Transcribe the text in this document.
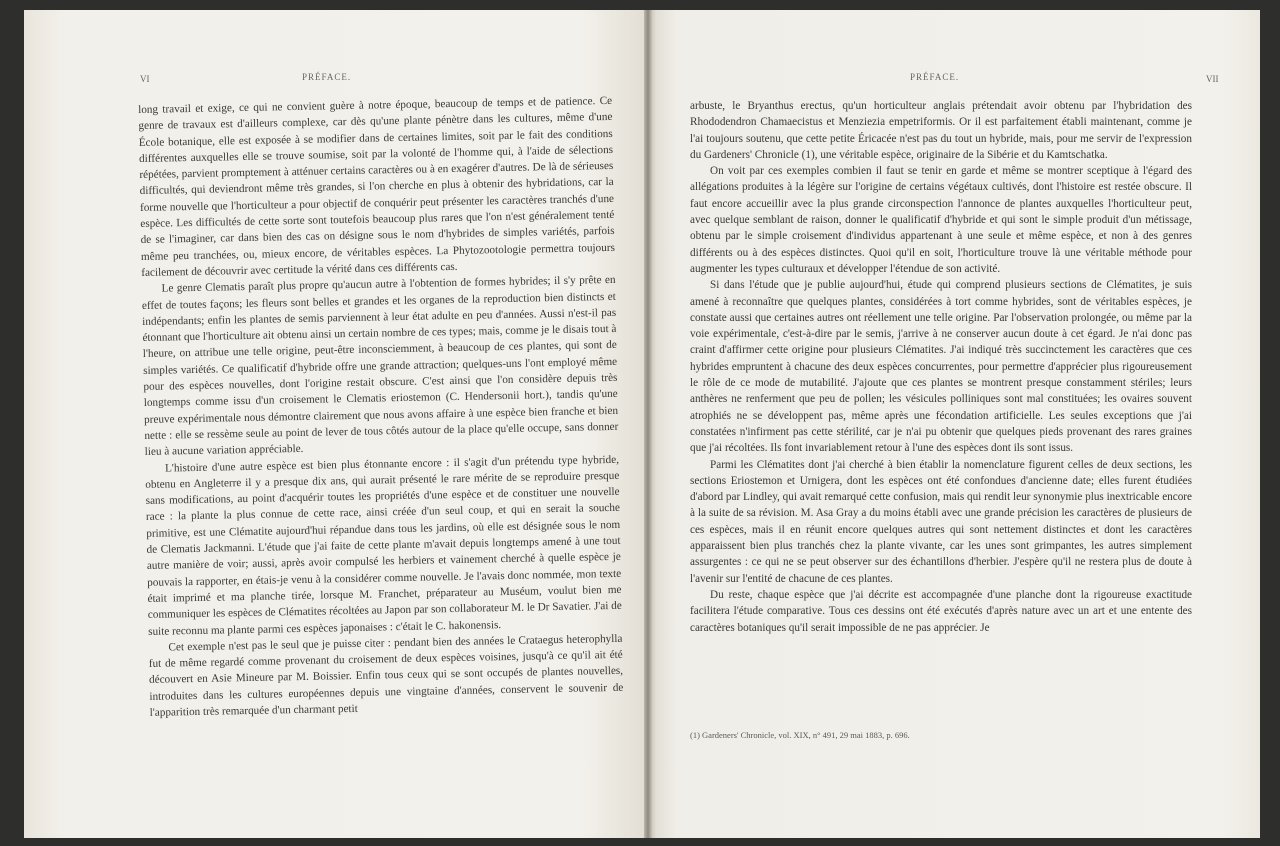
PRÉFACE.
VI

long travail et exige, ce qui ne convient guère à notre époque, beaucoup de temps et de patience. Ce genre de travaux est d'ailleurs complexe, car dès qu'une plante pénètre dans les cultures, même d'une École botanique, elle est exposée à se modifier dans de certaines limites, soit par le fait des conditions différentes auxquelles elle se trouve soumise, soit par la volonté de l'homme qui, à l'aide de sélections répétées, parvient promptement à atténuer certains caractères ou à en exagérer d'autres. De là de sérieuses difficultés, qui deviendront même très grandes, si l'on cherche en plus à obtenir des hybridations, car la forme nouvelle que l'horticulteur a pour objectif de conquérir peut présenter les caractères tranchés d'une espèce. Les difficultés de cette sorte sont toutefois beaucoup plus rares que l'on n'est généralement tenté de se l'imaginer, car dans bien des cas on désigne sous le nom d'hybrides de simples variétés, parfois même peu tranchées, ou, mieux encore, de véritables espèces. La Phytozootologie permettra toujours facilement de découvrir avec certitude la vérité dans ces différents cas.

Le genre Clematis paraît plus propre qu'aucun autre à l'obtention de formes hybrides; il s'y prête en effet de toutes façons; les fleurs sont belles et grandes et les organes de la reproduction bien distincts et indépendants; enfin les plantes de semis parviennent à leur état adulte en peu d'années. Aussi n'est-il pas étonnant que l'horticulture ait obtenu ainsi un certain nombre de ces types; mais, comme je le disais tout à l'heure, on attribue une telle origine, peut-être inconsciemment, à beaucoup de ces plantes, qui sont de simples variétés. Ce qualificatif d'hybride offre une grande attraction; quelques-uns l'ont employé même pour des espèces nouvelles, dont l'origine restait obscure. C'est ainsi que l'on considère depuis très longtemps comme issu d'un croisement le Clematis eriostemon (C. Hendersonii hort.), tandis qu'une preuve expérimentale nous démontre clairement que nous avons affaire à une espèce bien franche et bien nette : elle se ressème seule au point de lever de tous côtés autour de la place qu'elle occupe, sans donner lieu à aucune variation appréciable.

L'histoire d'une autre espèce est bien plus étonnante encore : il s'agit d'un prétendu type hybride, obtenu en Angleterre il y a presque dix ans, qui aurait présenté le rare mérite de se reproduire presque sans modifications, au point d'acquérir toutes les propriétés d'une espèce et de constituer une nouvelle race : la plante la plus connue de cette race, ainsi créée d'un seul coup, et qui en serait la souche primitive, est une Clématite aujourd'hui répandue dans tous les jardins, où elle est désignée sous le nom de Clematis Jackmanni. L'étude que j'ai faite de cette plante m'avait depuis longtemps amené à une tout autre manière de voir; aussi, après avoir compulsé les herbiers et vainement cherché à quelle espèce je pouvais la rapporter, en étais-je venu à la considérer comme nouvelle. Je l'avais donc nommée, mon texte était imprimé et ma planche tirée, lorsque M. Franchet, préparateur au Muséum, voulut bien me communiquer les espèces de Clématites récoltées au Japon par son collaborateur M. le Dr Savatier. J'ai de suite reconnu ma plante parmi ces espèces japonaises : c'était le C. hakonensis.

Cet exemple n'est pas le seul que je puisse citer : pendant bien des années le Crataegus heterophylla fut de même regardé comme provenant du croisement de deux espèces voisines, jusqu'à ce qu'il ait été découvert en Asie Mineure par M. Boissier. Enfin tous ceux qui se sont occupés de plantes nouvelles, introduites dans les cultures européennes depuis une vingtaine d'années, conservent le souvenir de l'apparition très remarquée d'un charmant petit

PRÉFACE.	VII

arbuste, le Bryanthus erectus, qu'un horticulteur anglais prétendait avoir obtenu par l'hybridation des Rhododendron Chamaecistus et Menziezia empetriformis. Or il est parfaitement établi maintenant, comme je l'ai toujours soutenu, que cette petite Éricacée n'est pas du tout un hybride, mais, pour me servir de l'expression du Gardeners' Chronicle (1), une véritable espèce, originaire de la Sibérie et du Kamtschatka.

On voit par ces exemples combien il faut se tenir en garde et même se montrer sceptique à l'égard des allégations produites à la légère sur l'origine de certains végétaux cultivés, dont l'histoire est restée obscure. Il faut encore accueillir avec la plus grande circonspection l'annonce de plantes auxquelles l'horticulteur peut, avec quelque semblant de raison, donner le qualificatif d'hybride et qui sont le simple produit d'un métissage, obtenu par le simple croisement d'individus appartenant à une seule et même espèce, et non à des genres différents ou à des espèces distinctes. Quoi qu'il en soit, l'horticulture trouve là une véritable méthode pour augmenter les types culturaux et développer l'étendue de son activité.

Si dans l'étude que je publie aujourd'hui, étude qui comprend plusieurs sections de Clématites, je suis amené à reconnaître que quelques plantes, considérées à tort comme hybrides, sont de véritables espèces, je constate aussi que certaines autres ont réellement une telle origine. Par l'observation prolongée, ou même par la voie expérimentale, c'est-à-dire par le semis, j'arrive à ne conserver aucun doute à cet égard. Je n'ai donc pas craint d'affirmer cette origine pour plusieurs Clématites. J'ai indiqué très succinctement les caractères que ces hybrides empruntent à chacune des deux espèces concurrentes, pour permettre d'apprécier plus rigoureusement le rôle de ce mode de mutabilité. J'ajoute que ces plantes se montrent presque constamment stériles; leurs anthères ne renferment que peu de pollen; les vésicules polliniques sont mal constituées; les ovaires souvent atrophiés ne se développent pas, même après une fécondation artificielle. Les seules exceptions que j'ai constatées n'infirment pas cette stérilité, car je n'ai pu obtenir que quelques pieds provenant des rares graines que j'ai récoltées. Ils font invariablement retour à l'une des espèces dont ils sont issus.

Parmi les Clématites dont j'ai cherché à bien établir la nomenclature figurent celles de deux sections, les sections Eriostemon et Urnigera, dont les espèces ont été confondues d'ancienne date; elles furent étudiées d'abord par Lindley, qui avait remarqué cette confusion, mais qui rendit leur synonymie plus inextricable encore à la suite de sa révision. M. Asa Gray a du moins établi avec une grande précision les caractères de plusieurs de ces espèces, mais il en réunit encore quelques autres qui sont nettement distinctes et dont les caractères apparaissent bien plus tranchés chez la plante vivante, car les unes sont grimpantes, les autres simplement assurgentes : ce qui ne se peut observer sur des échantillons d'herbier. J'espère qu'il ne restera plus de doute à l'avenir sur l'entité de chacune de ces plantes.

Du reste, chaque espèce que j'ai décrite est accompagnée d'une planche dont la rigoureuse exactitude facilitera l'étude comparative. Tous ces dessins ont été exécutés d'après nature avec un art et une entente des caractères botaniques qu'il serait impossible de ne pas apprécier. Je

(1) Gardeners' Chronicle, vol. XIX, n° 491, 29 mai 1883, p. 696.
